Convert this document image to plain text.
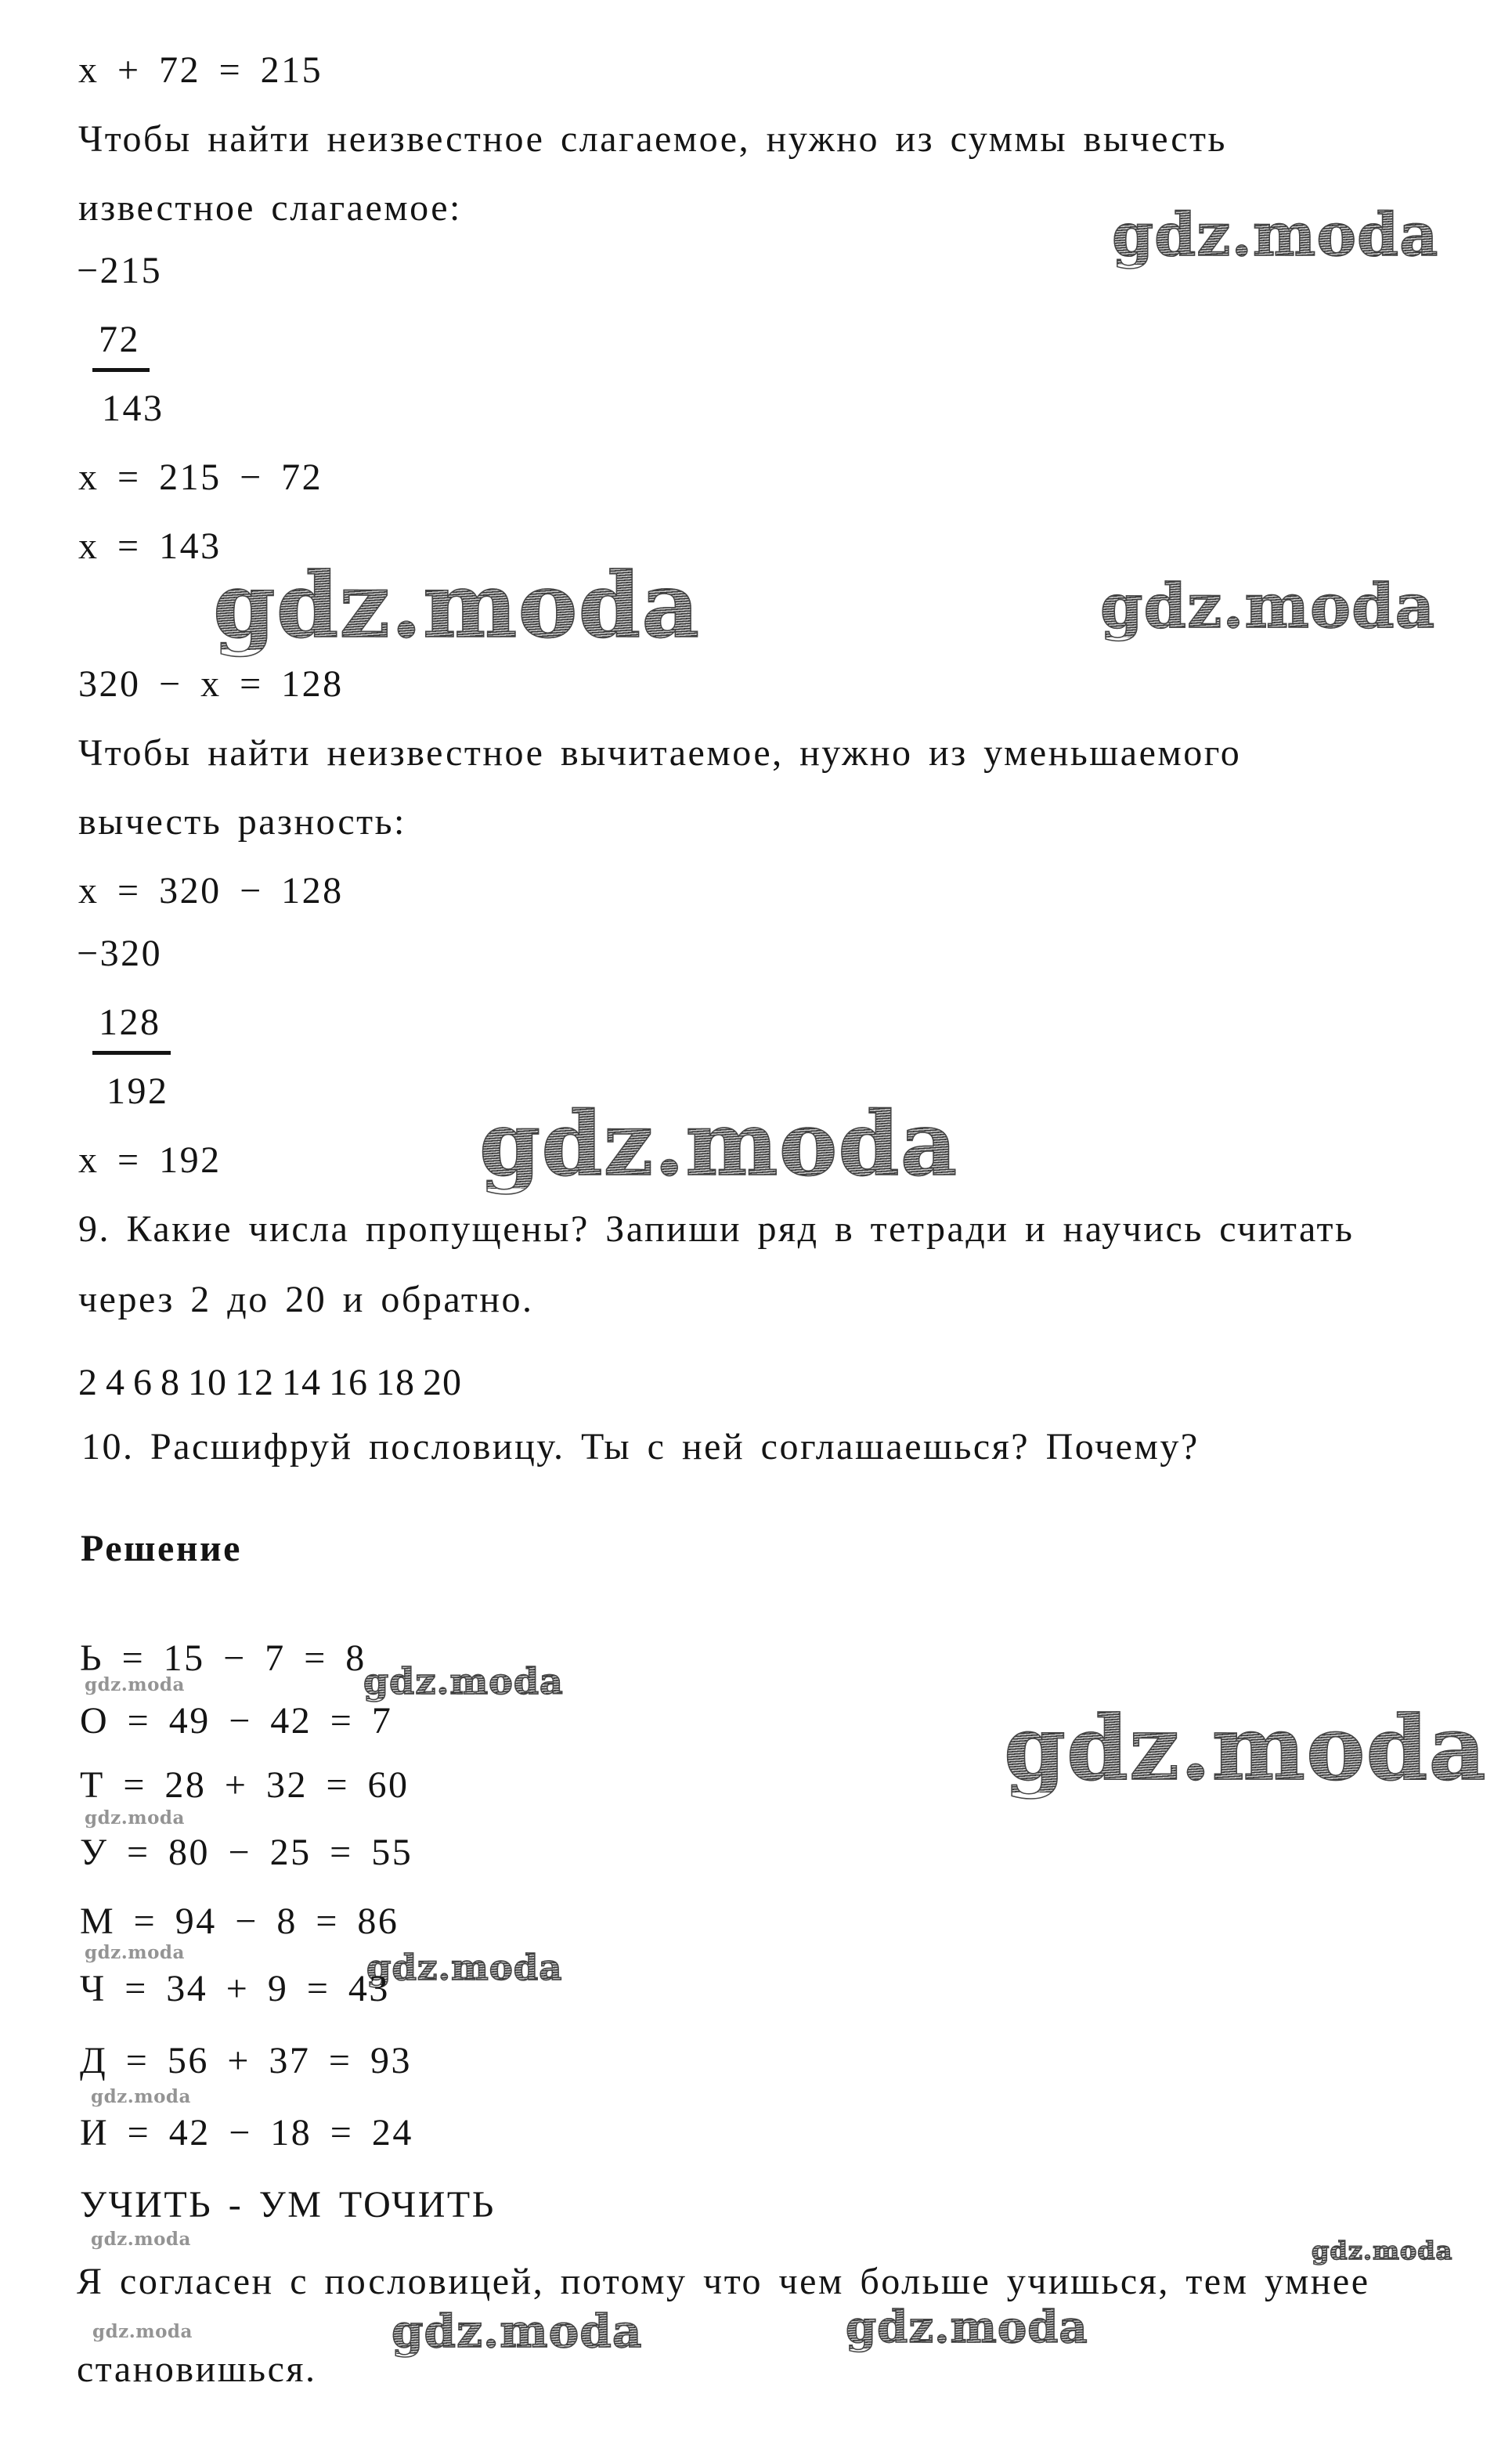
gdz.moda
gdz.moda	gdz.moda
gdz.moda
gdz.moda
gdz.moda
gdz.moda
gdz.moda
gdz.moda	gdz.moda
gdz.moda
gdz.moda	gdz.moda
gdz.moda	gdz.moda
gdz.moda
x + 72 = 215
Чтобы найти неизвестное слагаемое, нужно из суммы вычесть
известное слагаемое:
−215
72
143
x = 215 − 72
x = 143
320 − x = 128
Чтобы найти неизвестное вычитаемое, нужно из уменьшаемого
вычесть разность:
x = 320 − 128
−320
128
192
x = 192
9. Какие числа пропущены? Запиши ряд в тетради и научись считать
через 2 до 20 и обратно.
2 4 6 8 10 12 14 16 18 20
10. Расшифруй пословицу. Ты с ней соглашаешься? Почему?
Решение
Ь = 15 − 7 = 8
О = 49 − 42 = 7
Т = 28 + 32 = 60
У = 80 − 25 = 55
М = 94 − 8 = 86
Ч = 34 + 9 = 43
Д = 56 + 37 = 93
И = 42 − 18 = 24
УЧИТЬ - УМ ТОЧИТЬ
Я согласен с пословицей, потому что чем больше учишься, тем умнее
становишься.
